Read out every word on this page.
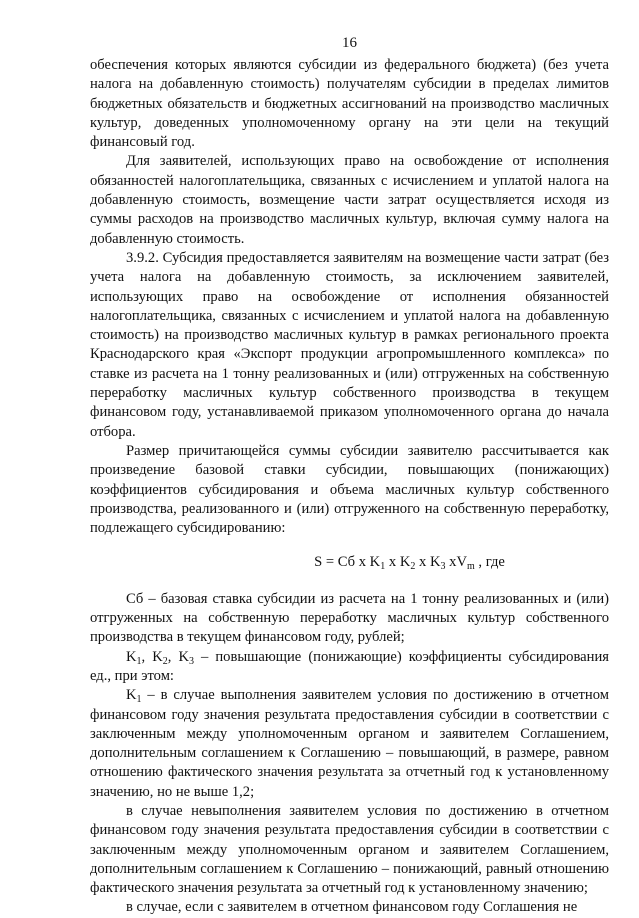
16

обеспечения которых являются субсидии из федерального бюджета) (без учета налога на добавленную стоимость) получателям субсидии в пределах лимитов бюджетных обязательств и бюджетных ассигнований на производство масличных культур, доведенных уполномоченному органу на эти цели на текущий финансовый год.

Для заявителей, использующих право на освобождение от исполнения обязанностей налогоплательщика, связанных с исчислением и уплатой налога на добавленную стоимость, возмещение части затрат осуществляется исходя из суммы расходов на производство масличных культур, включая сумму налога на добавленную стоимость.

3.9.2. Субсидия предоставляется заявителям на возмещение части затрат (без учета налога на добавленную стоимость, за исключением заявителей, использующих право на освобождение от исполнения обязанностей налогоплательщика, связанных с исчислением и уплатой налога на добавленную стоимость) на производство масличных культур в рамках регионального проекта Краснодарского края «Экспорт продукции агропромышленного комплекса» по ставке из расчета на 1 тонну реализованных и (или) отгруженных на собственную переработку масличных культур собственного производства в текущем финансовом году, устанавливаемой приказом уполномоченного органа до начала отбора.

Размер причитающейся суммы субсидии заявителю рассчитывается как произведение базовой ставки субсидии, повышающих (понижающих) коэффициентов субсидирования и объема масличных культур собственного производства, реализованного и (или) отгруженного на собственную переработку, подлежащего субсидированию:

S = Сб x $K_1$ x $K_2$ x $K_3$ $xV_m$ , где

Сб – базовая ставка субсидии из расчета на 1 тонну реализованных и (или) отгруженных на собственную переработку масличных культур собственного производства в текущем финансовом году, рублей;

$K_1$, $K_2$, $K_3$ – повышающие (понижающие) коэффициенты субсидирования ед., при этом:

$K_1$ – в случае выполнения заявителем условия по достижению в отчетном финансовом году значения результата предоставления субсидии в соответствии с заключенным между уполномоченным органом и заявителем Соглашением, дополнительным соглашением к Соглашению – повышающий, в размере, равном отношению фактического значения результата за отчетный год к установленному значению, но не выше 1,2;

в случае невыполнения заявителем условия по достижению в отчетном финансовом году значения результата предоставления субсидии в соответствии с заключенным между уполномоченным органом и заявителем Соглашением, дополнительным соглашением к Соглашению – понижающий, равный отношению фактического значения результата за отчетный год к установленному значению;

в случае, если с заявителем в отчетном финансовом году Соглашения не
